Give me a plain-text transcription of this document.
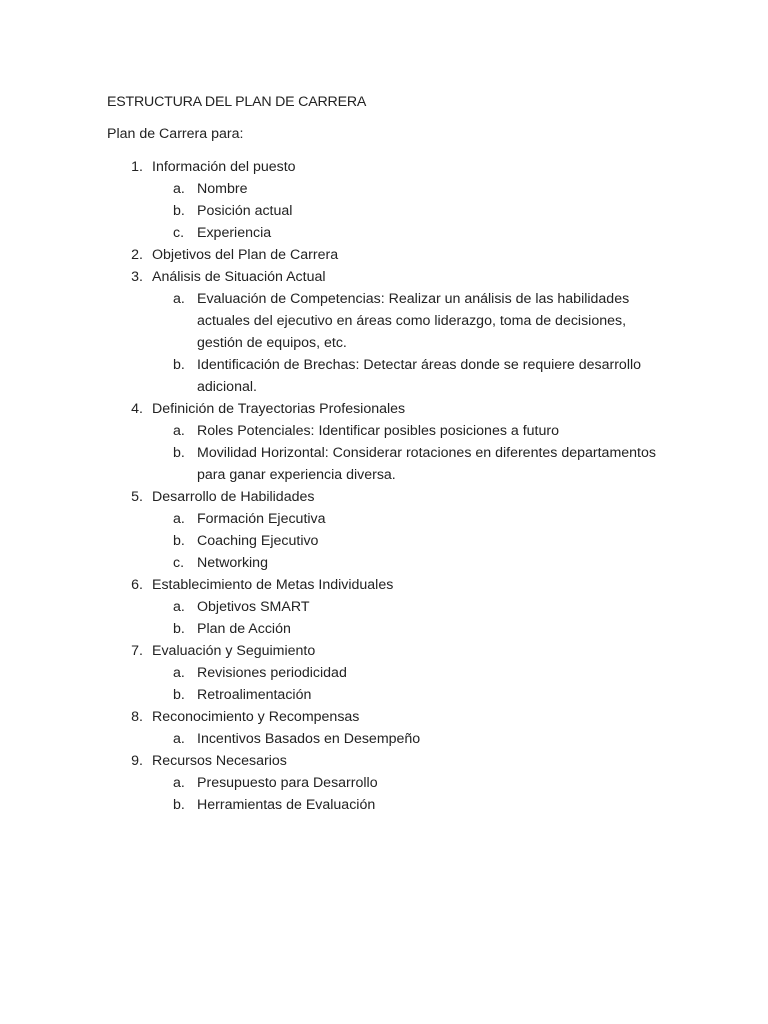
ESTRUCTURA DEL PLAN DE CARRERA

Plan de Carrera para:

1. Información del puesto
a. Nombre
b. Posición actual
c. Experiencia
2. Objetivos del Plan de Carrera
3. Análisis de Situación Actual
a. Evaluación de Competencias: Realizar un análisis de las habilidades actuales del ejecutivo en áreas como liderazgo, toma de decisiones, gestión de equipos, etc.
b. Identificación de Brechas: Detectar áreas donde se requiere desarrollo adicional.
4. Definición de Trayectorias Profesionales
a. Roles Potenciales: Identificar posibles posiciones a futuro
b. Movilidad Horizontal: Considerar rotaciones en diferentes departamentos para ganar experiencia diversa.
5. Desarrollo de Habilidades
a. Formación Ejecutiva
b. Coaching Ejecutivo
c. Networking
6. Establecimiento de Metas Individuales
a. Objetivos SMART
b. Plan de Acción
7. Evaluación y Seguimiento
a. Revisiones periodicidad
b. Retroalimentación
8. Reconocimiento y Recompensas
a. Incentivos Basados en Desempeño
9. Recursos Necesarios
a. Presupuesto para Desarrollo
b. Herramientas de Evaluación
